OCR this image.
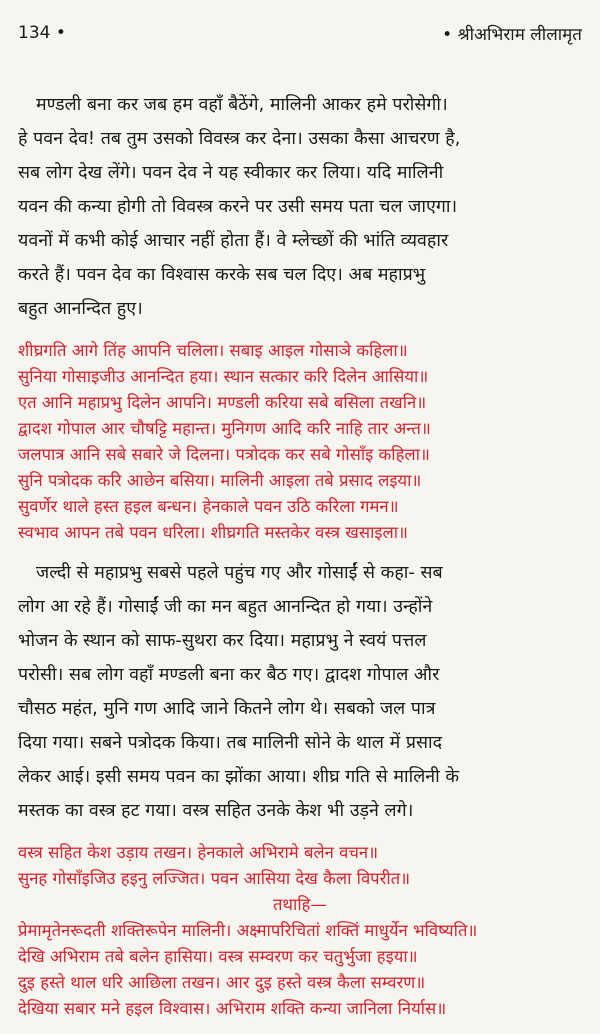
134 •	• श्रीअभिराम लीलामृत
मण्डली बना कर जब हम वहाँ बैठेंगे, मालिनी आकर हमे परोसेगी।
हे पवन देव! तब तुम उसको विवस्त्र कर देना। उसका कैसा आचरण है,
सब लोग देख लेंगे। पवन देव ने यह स्वीकार कर लिया। यदि मालिनी
यवन की कन्या होगी तो विवस्त्र करने पर उसी समय पता चल जाएगा।
यवनों में कभी कोई आचार नहीं होता हैं। वे म्लेच्छों की भांति व्यवहार
करते हैं। पवन देव का विश्वास करके सब चल दिए। अब महाप्रभु
बहुत आनन्दित हुए।
शीघ्रगति आगे तिंह आपनि चलिला। सबाइ आइल गोसाञे कहिला॥
सुनिया गोसाइजीउ आनन्दित हया। स्थान सत्कार करि दिलेन आसिया॥
एत आनि महाप्रभु दिलेन आपनि। मण्डली करिया सबे बसिला तखनि॥
द्वादश गोपाल आर चौषट्टि महान्त। मुनिगण आदि करि नाहि तार अन्त॥
जलपात्र आनि सबे सबारे जे दिलना। पत्रोदक कर सबे गोसाँइ कहिला॥
सुनि पत्रोदक करि आछेन बसिया। मालिनी आइला तबे प्रसाद लइया॥
सुवर्णेर थाले हस्त हइल बन्धन। हेनकाले पवन उठि करिला गमन॥
स्वभाव आपन तबे पवन धरिला। शीघ्रगति मस्तकेर वस्त्र खसाइला॥
जल्दी से महाप्रभु सबसे पहले पहुंच गए और गोसाईं से कहा- सब
लोग आ रहे हैं। गोसाईं जी का मन बहुत आनन्दित हो गया। उन्होंने
भोजन के स्थान को साफ-सुथरा कर दिया। महाप्रभु ने स्वयं पत्तल
परोसी। सब लोग वहाँ मण्डली बना कर बैठ गए। द्वादश गोपाल और
चौसठ महंत, मुनि गण आदि जाने कितने लोग थे। सबको जल पात्र
दिया गया। सबने पत्रोदक किया। तब मालिनी सोने के थाल में प्रसाद
लेकर आई। इसी समय पवन का झोंका आया। शीघ्र गति से मालिनी के
मस्तक का वस्त्र हट गया। वस्त्र सहित उनके केश भी उड़ने लगे।
वस्त्र सहित केश उड़ाय तखन। हेनकाले अभिरामे बलेन वचन॥
सुनह गोसाँइजिउ हइनु लज्जित। पवन आसिया देख कैला विपरीत॥
तथाहि—
प्रेमामृतेनरूदती शक्तिरूपेन मालिनी। अक्ष्मापरिचितां शक्तिं माधुर्येन भविष्यति॥
देखि अभिराम तबे बलेन हासिया। वस्त्र सम्वरण कर चतुर्भुजा हइया॥
दुइ हस्ते थाल धरि आछिला तखन। आर दुइ हस्ते वस्त्र कैला सम्वरण॥
देखिया सबार मने हइल विश्वास। अभिराम शक्ति कन्या जानिला निर्यास॥
